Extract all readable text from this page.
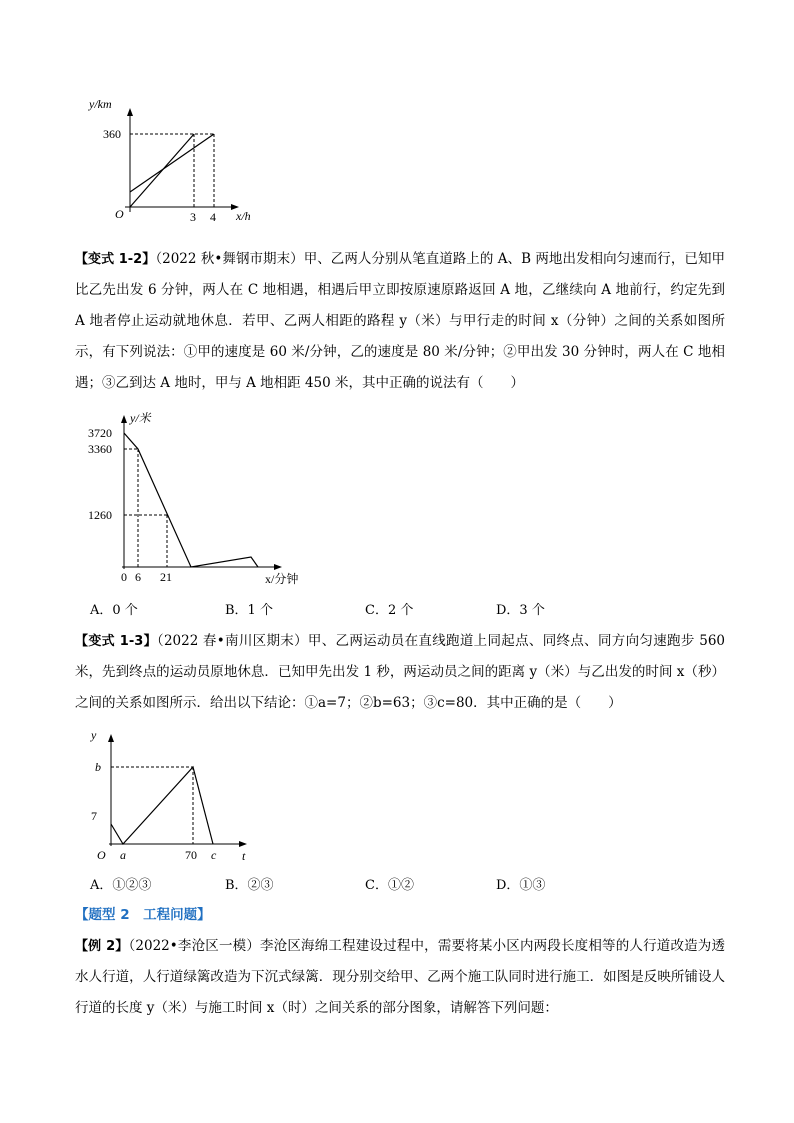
y/km
x/h
O
360
3 4

【变式 1-2】（2022 秋•舞钢市期末）甲、乙两人分别从笔直道路上的 A、B 两地出发相向匀速而行，已知甲比乙先出发 6 分钟，两人在 C 地相遇，相遇后甲立即按原速原路返回 A 地，乙继续向 A 地前行，约定先到 A 地者停止运动就地休息．若甲、乙两人相距的路程 y（米）与甲行走的时间 x（分钟）之间的关系如图所示，有下列说法：①甲的速度是 60 米/分钟，乙的速度是 80 米/分钟；②甲出发 30 分钟时，两人在 C 地相遇；③乙到达 A 地时，甲与 A 地相距 450 米，其中正确的说法有（　　）

y/米
x/分钟
3720
3360
1260
0 6 21
A．0 个	B．1 个	C．2 个	D．3 个

【变式 1-3】（2022 春•南川区期末）甲、乙两运动员在直线跑道上同起点、同终点、同方向匀速跑步 560 米，先到终点的运动员原地休息．已知甲先出发 1 秒，两运动员之间的距离 y（米）与乙出发的时间 x（秒）之间的关系如图所示．给出以下结论：①a=7；②b=63；③c=80．其中正确的是（　　）

y
t
O
b
7
a	70 c
A．①②③	B．②③	C．①②	D．①③

【题型 2　工程问题】

【例 2】（2022•李沧区一模）李沧区海绵工程建设过程中，需要将某小区内两段长度相等的人行道改造为透水人行道，人行道绿篱改造为下沉式绿篱．现分别交给甲、乙两个施工队同时进行施工．如图是反映所铺设人行道的长度 y（米）与施工时间 x（时）之间关系的部分图象，请解答下列问题：
